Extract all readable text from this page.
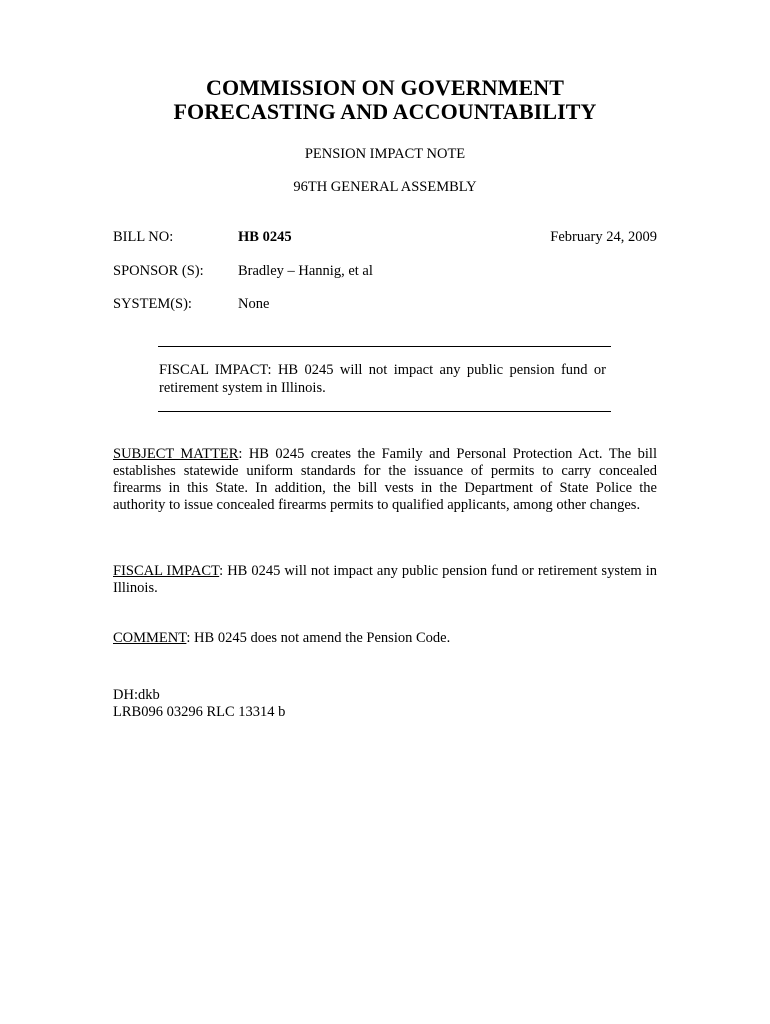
COMMISSION ON GOVERNMENT
FORECASTING AND ACCOUNTABILITY
PENSION IMPACT NOTE
96TH GENERAL ASSEMBLY
BILL NO:	HB 0245	February 24, 2009
SPONSOR (S): Bradley – Hannig, et al
SYSTEM(S):	None
FISCAL IMPACT: HB 0245 will not impact any public pension fund or retirement system in Illinois.

SUBJECT MATTER: HB 0245 creates the Family and Personal Protection Act. The bill establishes statewide uniform standards for the issuance of permits to carry concealed firearms in this State. In addition, the bill vests in the Department of State Police the authority to issue concealed firearms permits to qualified applicants, among other changes.

FISCAL IMPACT: HB 0245 will not impact any public pension fund or retirement system in Illinois.

COMMENT: HB 0245 does not amend the Pension Code.

DH:dkb
LRB096 03296 RLC 13314 b
